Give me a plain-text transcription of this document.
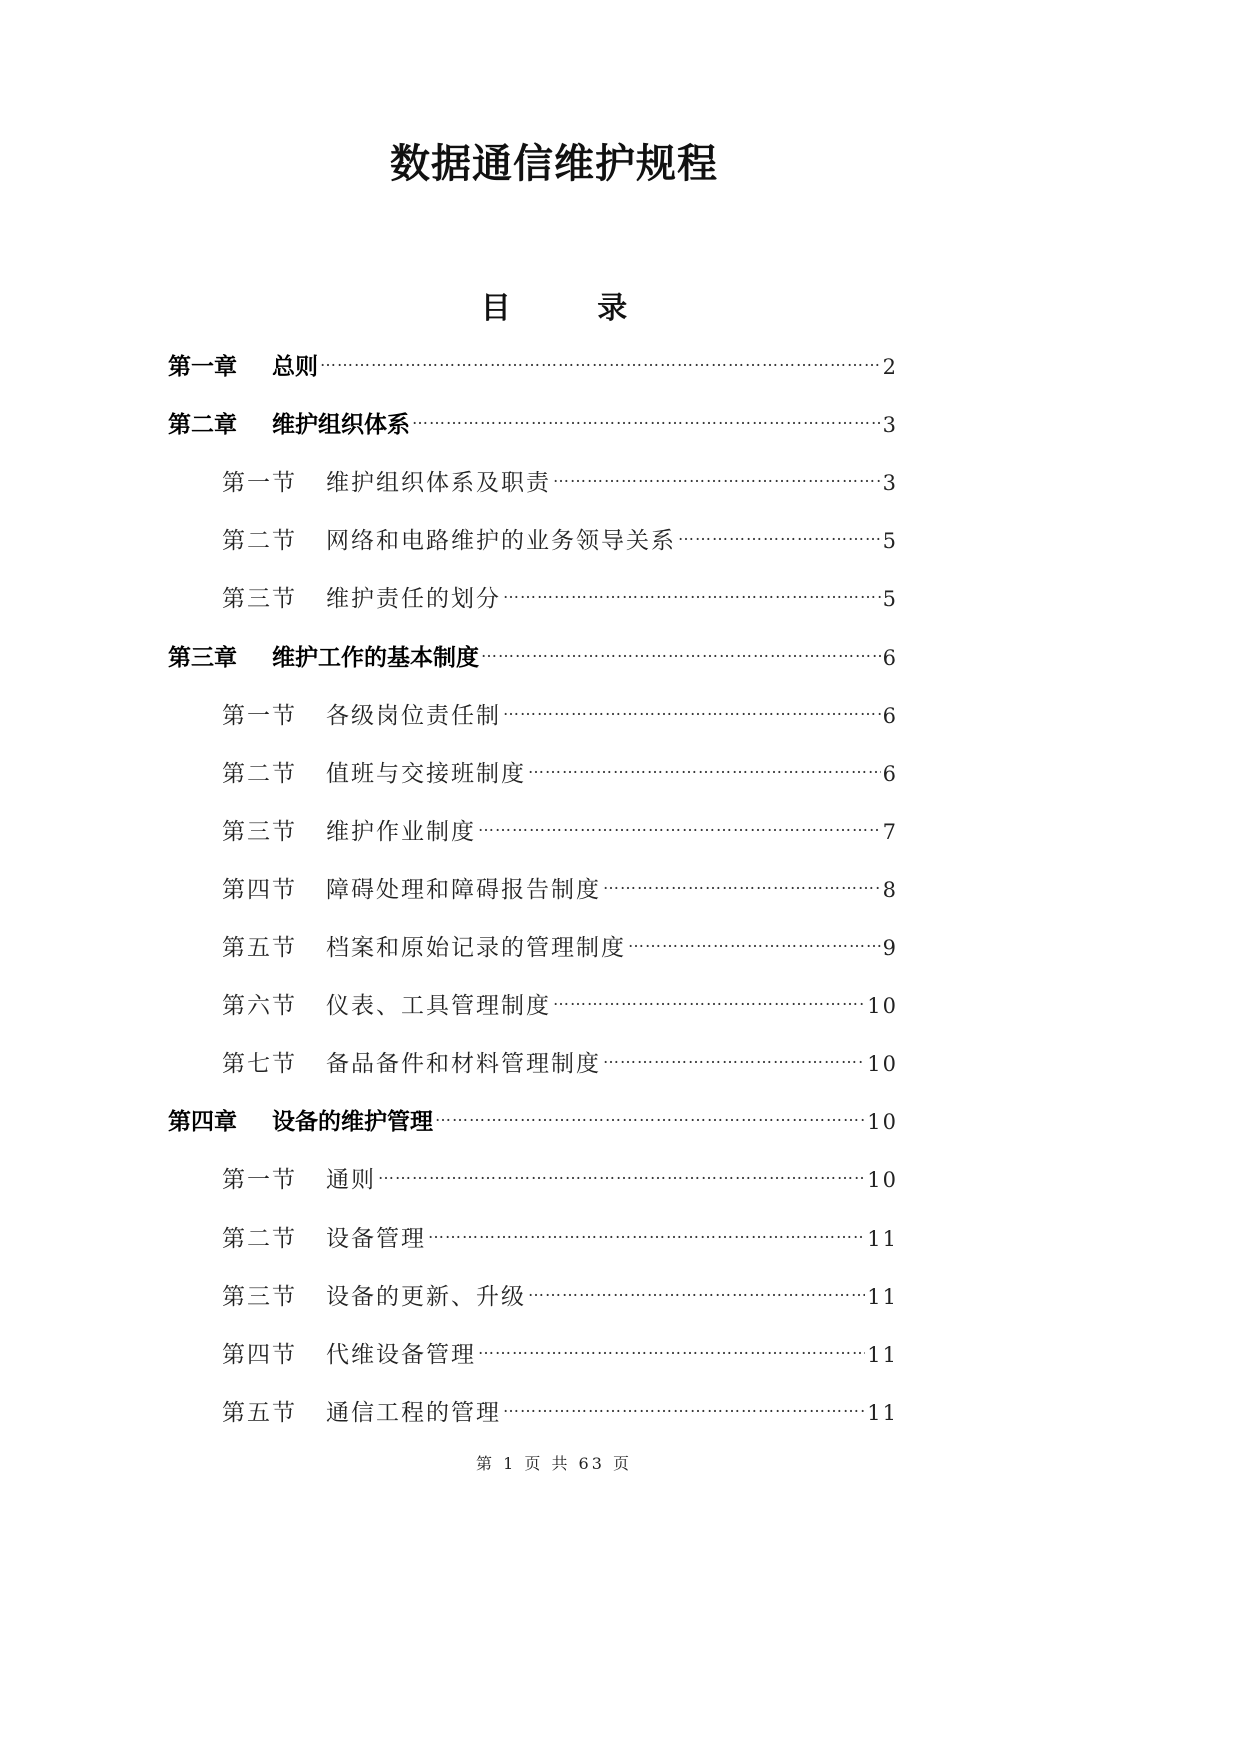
数据通信维护规程
目 录
第一章	总则 …………………………………………………………………………………………………………………………………………	2
第二章	维护组织体系 …………………………………………………………………………………………………………………………………………	3
第一节	维护组织体系及职责 …………………………………………………………………………………………………………………………………………	3
第二节	网络和电路维护的业务领导关系 …………………………………………………………………………………………………………………………………………	5
第三节	维护责任的划分 …………………………………………………………………………………………………………………………………………	5
第三章	维护工作的基本制度 …………………………………………………………………………………………………………………………………………	6
第一节	各级岗位责任制 …………………………………………………………………………………………………………………………………………	6
第二节	值班与交接班制度 …………………………………………………………………………………………………………………………………………	6
第三节	维护作业制度 …………………………………………………………………………………………………………………………………………	7
第四节	障碍处理和障碍报告制度 …………………………………………………………………………………………………………………………………………	8
第五节	档案和原始记录的管理制度 …………………………………………………………………………………………………………………………………………	9
第六节	仪表、工具管理制度 …………………………………………………………………………………………………………………………………………	10
第七节	备品备件和材料管理制度 …………………………………………………………………………………………………………………………………………	10
第四章	设备的维护管理 …………………………………………………………………………………………………………………………………………	10
第一节	通则 …………………………………………………………………………………………………………………………………………	10
第二节	设备管理 …………………………………………………………………………………………………………………………………………	11
第三节	设备的更新、升级 …………………………………………………………………………………………………………………………………………	11
第四节	代维设备管理 …………………………………………………………………………………………………………………………………………	11
第五节	通信工程的管理 …………………………………………………………………………………………………………………………………………	11
第 1 页 共 63 页
